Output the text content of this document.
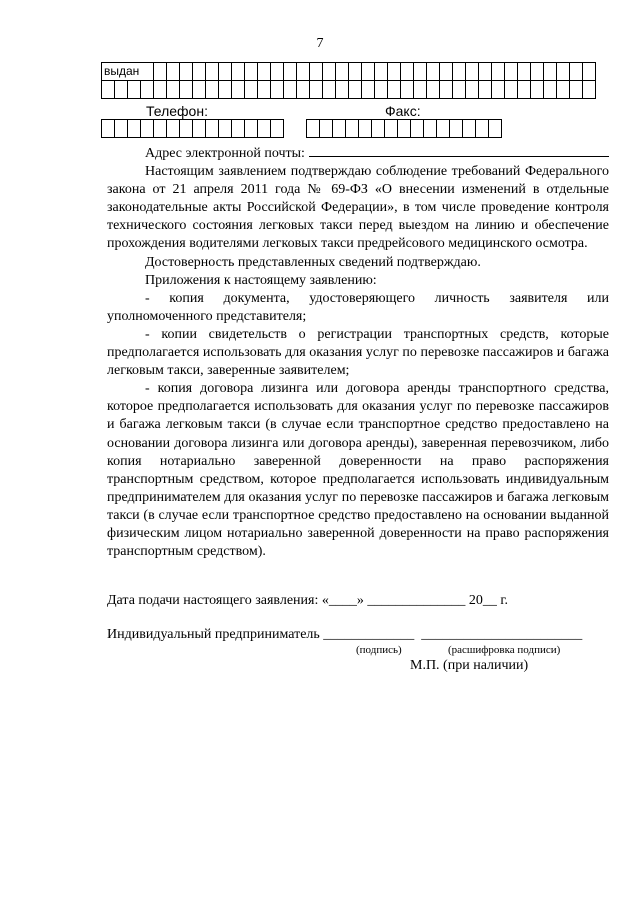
7
выдан
Телефон:	Факс:
Адрес электронной почты:

Настоящим заявлением подтверждаю соблюдение требований Федерального закона от 21 апреля 2011 года № 69-ФЗ «О внесении изменений в отдельные законодательные акты Российской Федерации», в том числе проведение контроля технического состояния легковых такси перед выездом на линию и обеспечение прохождения водителями легковых такси предрейсового медицинского осмотра.

Достоверность представленных сведений подтверждаю.

Приложения к настоящему заявлению:

- копия документа, удостоверяющего личность заявителя или уполномоченного представителя;

- копии свидетельств о регистрации транспортных средств, которые предполагается использовать для оказания услуг по перевозке пассажиров и багажа легковым такси, заверенные заявителем;

- копия договора лизинга или договора аренды транспортного средства, которое предполагается использовать для оказания услуг по перевозке пассажиров и багажа легковым такси (в случае если транспортное средство предоставлено на основании договора лизинга или договора аренды), заверенная перевозчиком, либо копия нотариально заверенной доверенности на право распоряжения транспортным средством, которое предполагается использовать индивидуальным предпринимателем для оказания услуг по перевозке пассажиров и багажа легковым такси (в случае если транспортное средство предоставлено на основании выданной физическим лицом нотариально заверенной доверенности на право распоряжения транспортным средством).

Дата подачи настоящего заявления: «____» ______________ 20__ г.
Индивидуальный предприниматель
_____________
_______________________
(подпись)	(расшифровка подписи)
М.П. (при наличии)
